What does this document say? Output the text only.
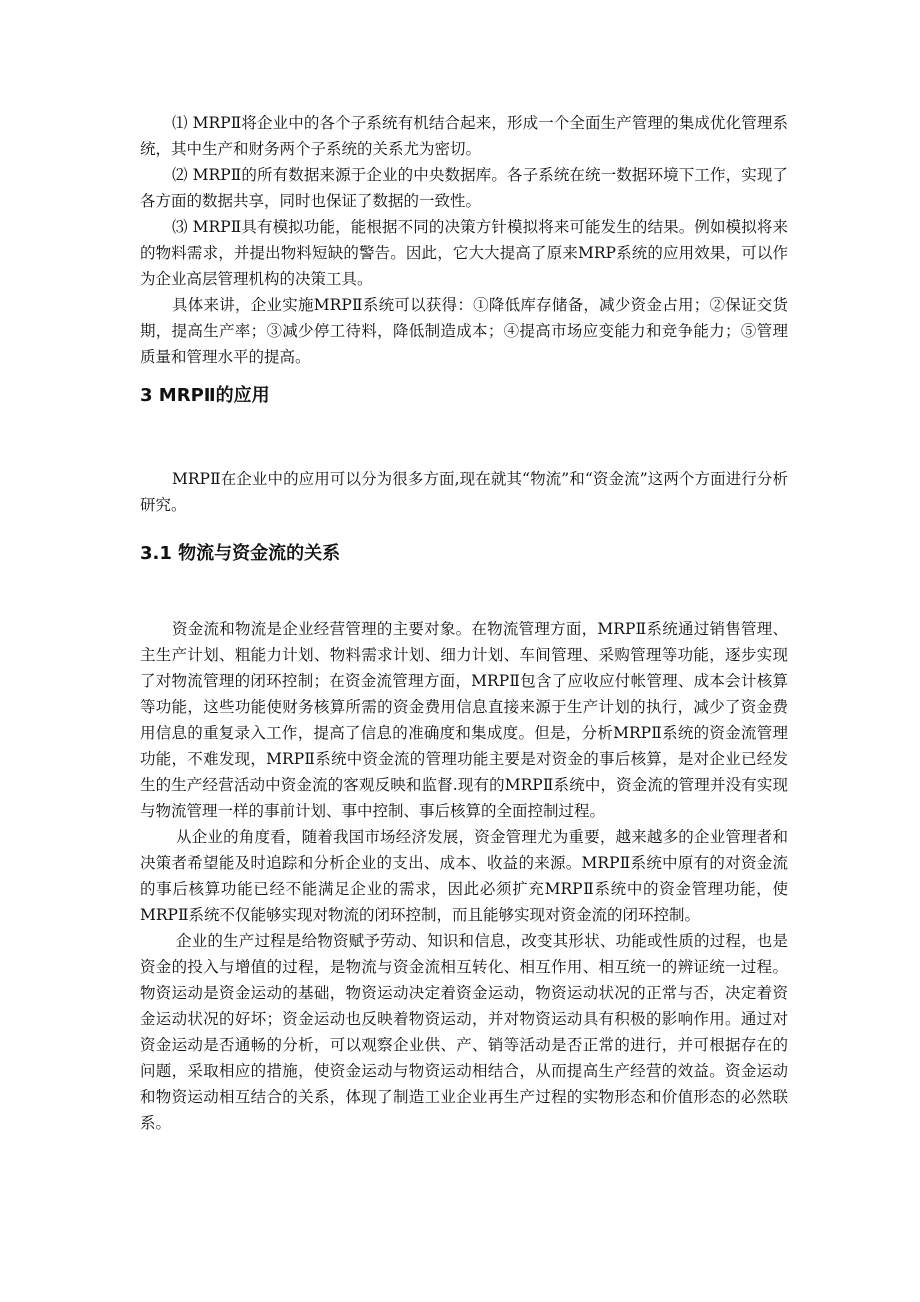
⑴ MRPⅡ将企业中的各个子系统有机结合起来，形成一个全面生产管理的集成优化管理系统，其中生产和财务两个子系统的关系尤为密切。

⑵ MRPⅡ的所有数据来源于企业的中央数据库。各子系统在统一数据环境下工作，实现了各方面的数据共享，同时也保证了数据的一致性。

⑶ MRPⅡ具有模拟功能，能根据不同的决策方针模拟将来可能发生的结果。例如模拟将来的物料需求，并提出物料短缺的警告。因此，它大大提高了原来MRP系统的应用效果，可以作为企业高层管理机构的决策工具。

具体来讲，企业实施MRPⅡ系统可以获得：①降低库存储备，减少资金占用；②保证交货期，提高生产率；③减少停工待料，降低制造成本；④提高市场应变能力和竞争能力；⑤管理质量和管理水平的提高。

3 MRPⅡ的应用

MRPⅡ在企业中的应用可以分为很多方面,现在就其“物流”和“资金流”这两个方面进行分析研究。

3.1 物流与资金流的关系

资金流和物流是企业经营管理的主要对象。在物流管理方面，MRPⅡ系统通过销售管理、主生产计划、粗能力计划、物料需求计划、细力计划、车间管理、采购管理等功能，逐步实现了对物流管理的闭环控制；在资金流管理方面，MRPⅡ包含了应收应付帐管理、成本会计核算等功能，这些功能使财务核算所需的资金费用信息直接来源于生产计划的执行，减少了资金费用信息的重复录入工作，提高了信息的准确度和集成度。但是，分析MRPⅡ系统的资金流管理功能，不难发现，MRPⅡ系统中资金流的管理功能主要是对资金的事后核算，是对企业已经发生的生产经营活动中资金流的客观反映和监督.现有的MRPⅡ系统中，资金流的管理并没有实现与物流管理一样的事前计划、事中控制、事后核算的全面控制过程。

从企业的角度看，随着我国市场经济发展，资金管理尤为重要，越来越多的企业管理者和决策者希望能及时追踪和分析企业的支出、成本、收益的来源。MRPⅡ系统中原有的对资金流的事后核算功能已经不能满足企业的需求，因此必须扩充MRPⅡ系统中的资金管理功能，使MRPⅡ系统不仅能够实现对物流的闭环控制，而且能够实现对资金流的闭环控制。

企业的生产过程是给物资赋予劳动、知识和信息，改变其形状、功能或性质的过程，也是资金的投入与增值的过程，是物流与资金流相互转化、相互作用、相互统一的辨证统一过程。物资运动是资金运动的基础，物资运动决定着资金运动，物资运动状况的正常与否，决定着资金运动状况的好坏；资金运动也反映着物资运动，并对物资运动具有积极的影响作用。通过对资金运动是否通畅的分析，可以观察企业供、产、销等活动是否正常的进行，并可根据存在的问题，采取相应的措施，使资金运动与物资运动相结合，从而提高生产经营的效益。资金运动和物资运动相互结合的关系，体现了制造工业企业再生产过程的实物形态和价值形态的必然联系。
